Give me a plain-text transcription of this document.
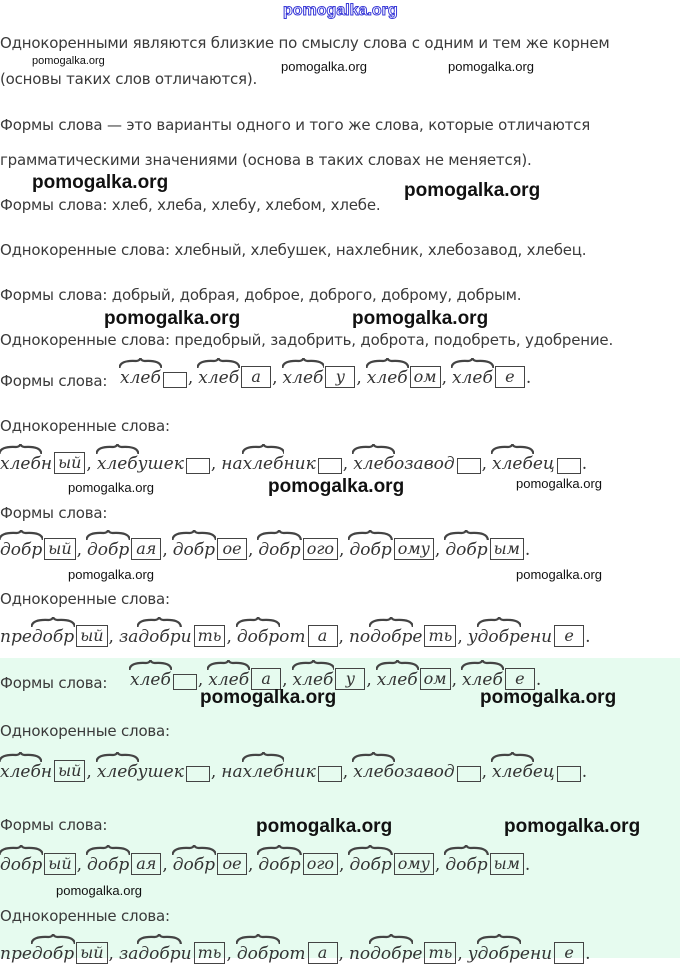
pomogalka.org
Однокоренными являются близкие по смыслу слова с одним и тем же корнем
(основы таких слов отличаются).
Формы слова — это варианты одного и того же слова, которые отличаются
грамматическими значениями (основа в таких словах не меняется).
Формы слова: хлеб, хлеба, хлебу, хлебом, хлебе.
Однокоренные слова: хлебный, хлебушек, нахлебник, хлебозавод, хлебец.
Формы слова: добрый, добрая, доброе, доброго, доброму, добрым.
Однокоренные слова: предобрый, задобрить, доброта, подобреть, удобрение.
Формы слова: хлеб , хлеб а , хлеб у , хлеб ом , хлеб е .
Однокоренные слова:
хлеб н ый , хлеб ушек , на хлеб ник , хлеб озавод , хлеб ец .
Формы слова:
добр ый , добр ая , добр ое , добр ого , добр ому , добр ым .
Однокоренные слова:
пре добр ый , за добр и ть , добр от а , по добр е ть , у добр ени е .
Формы слова: хлеб , хлеб а , хлеб у , хлеб ом , хлеб е .
Однокоренные слова:
хлеб н ый , хлеб ушек , на хлеб ник , хлеб озавод , хлеб ец .
Формы слова:
добр ый , добр ая , добр ое , добр ого , добр ому , добр ым .
Однокоренные слова:
пре добр ый , за добр и ть , добр от а , по добр е ть , у добр ени е .
pomogalka.org	pomogalka.org	pomogalka.org
pomogalka.org	pomogalka.org
pomogalka.org	pomogalka.org
pomogalka.org	pomogalka.org	pomogalka.org
pomogalka.org	pomogalka.org
pomogalka.org	pomogalka.org
pomogalka.org	pomogalka.org
pomogalka.org
